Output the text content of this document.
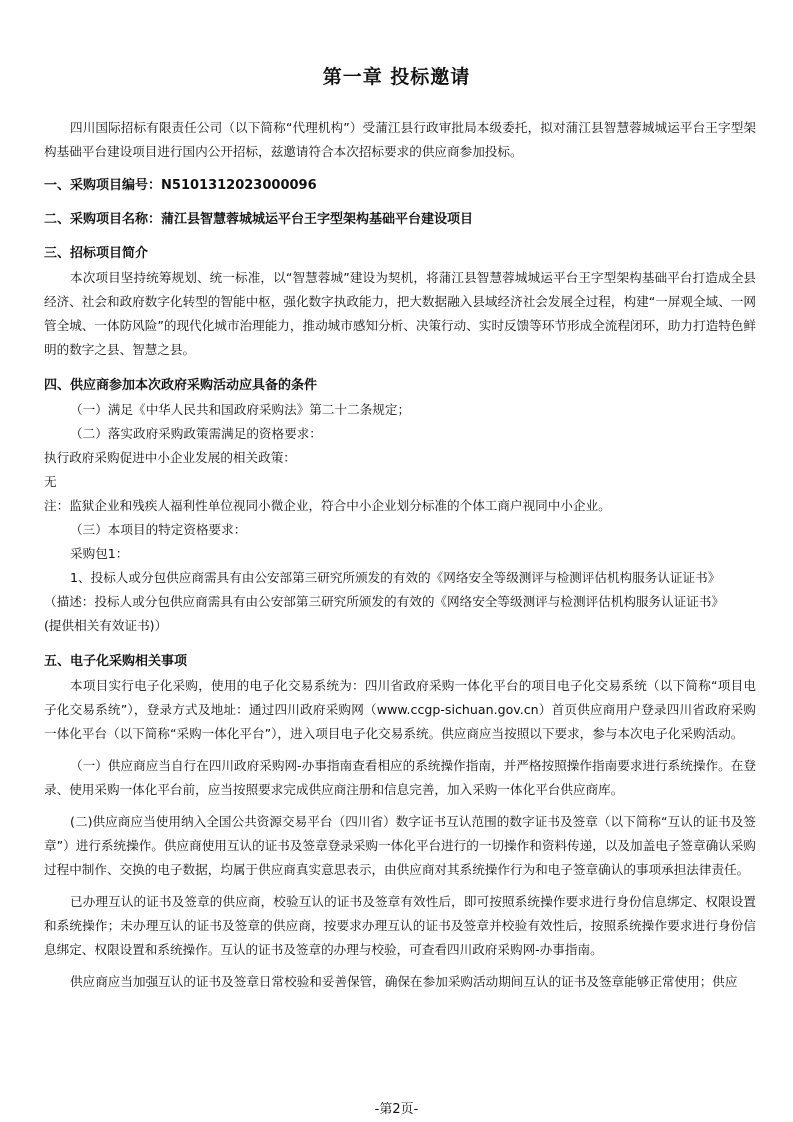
第一章 投标邀请

四川国际招标有限责任公司（以下简称“代理机构”）受蒲江县行政审批局本级委托，拟对蒲江县智慧蓉城城运平台王字型架构基础平台建设项目进行国内公开招标，兹邀请符合本次招标要求的供应商参加投标。

一、采购项目编号：N5101312023000096
二、采购项目名称：蒲江县智慧蓉城城运平台王字型架构基础平台建设项目
三、招标项目简介

本次项目坚持统筹规划、统一标准，以“智慧蓉城”建设为契机，将蒲江县智慧蓉城城运平台王字型架构基础平台打造成全县经济、社会和政府数字化转型的智能中枢，强化数字执政能力，把大数据融入县域经济社会发展全过程，构建“一屏观全域、一网管全城、一体防风险”的现代化城市治理能力，推动城市感知分析、决策行动、实时反馈等环节形成全流程闭环，助力打造特色鲜明的数字之县、智慧之县。

四、供应商参加本次政府采购活动应具备的条件
（一）满足《中华人民共和国政府采购法》第二十二条规定；
（二）落实政府采购政策需满足的资格要求：
执行政府采购促进中小企业发展的相关政策：
无
注：监狱企业和残疾人福利性单位视同小微企业，符合中小企业划分标准的个体工商户视同中小企业。
（三）本项目的特定资格要求：
采购包1：
1、投标人或分包供应商需具有由公安部第三研究所颁发的有效的《网络安全等级测评与检测评估机构服务认证证书》
（描述：投标人或分包供应商需具有由公安部第三研究所颁发的有效的《网络安全等级测评与检测评估机构服务认证证书》
(提供相关有效证书)）
五、电子化采购相关事项

本项目实行电子化采购，使用的电子化交易系统为：四川省政府采购一体化平台的项目电子化交易系统（以下简称“项目电子化交易系统”），登录方式及地址：通过四川政府采购网（www.ccgp-sichuan.gov.cn）首页供应商用户登录四川省政府采购一体化平台（以下简称“采购一体化平台”），进入项目电子化交易系统。供应商应当按照以下要求，参与本次电子化采购活动。

（一）供应商应当自行在四川政府采购网-办事指南查看相应的系统操作指南，并严格按照操作指南要求进行系统操作。在登录、使用采购一体化平台前，应当按照要求完成供应商注册和信息完善，加入采购一体化平台供应商库。

(二)供应商应当使用纳入全国公共资源交易平台（四川省）数字证书互认范围的数字证书及签章（以下简称“互认的证书及签章”）进行系统操作。供应商使用互认的证书及签章登录采购一体化平台进行的一切操作和资料传递，以及加盖电子签章确认采购过程中制作、交换的电子数据，均属于供应商真实意思表示，由供应商对其系统操作行为和电子签章确认的事项承担法律责任。

已办理互认的证书及签章的供应商，校验互认的证书及签章有效性后，即可按照系统操作要求进行身份信息绑定、权限设置和系统操作；未办理互认的证书及签章的供应商，按要求办理互认的证书及签章并校验有效性后，按照系统操作要求进行身份信息绑定、权限设置和系统操作。互认的证书及签章的办理与校验，可查看四川政府采购网-办事指南。

供应商应当加强互认的证书及签章日常校验和妥善保管，确保在参加采购活动期间互认的证书及签章能够正常使用；供应

-第2页-
